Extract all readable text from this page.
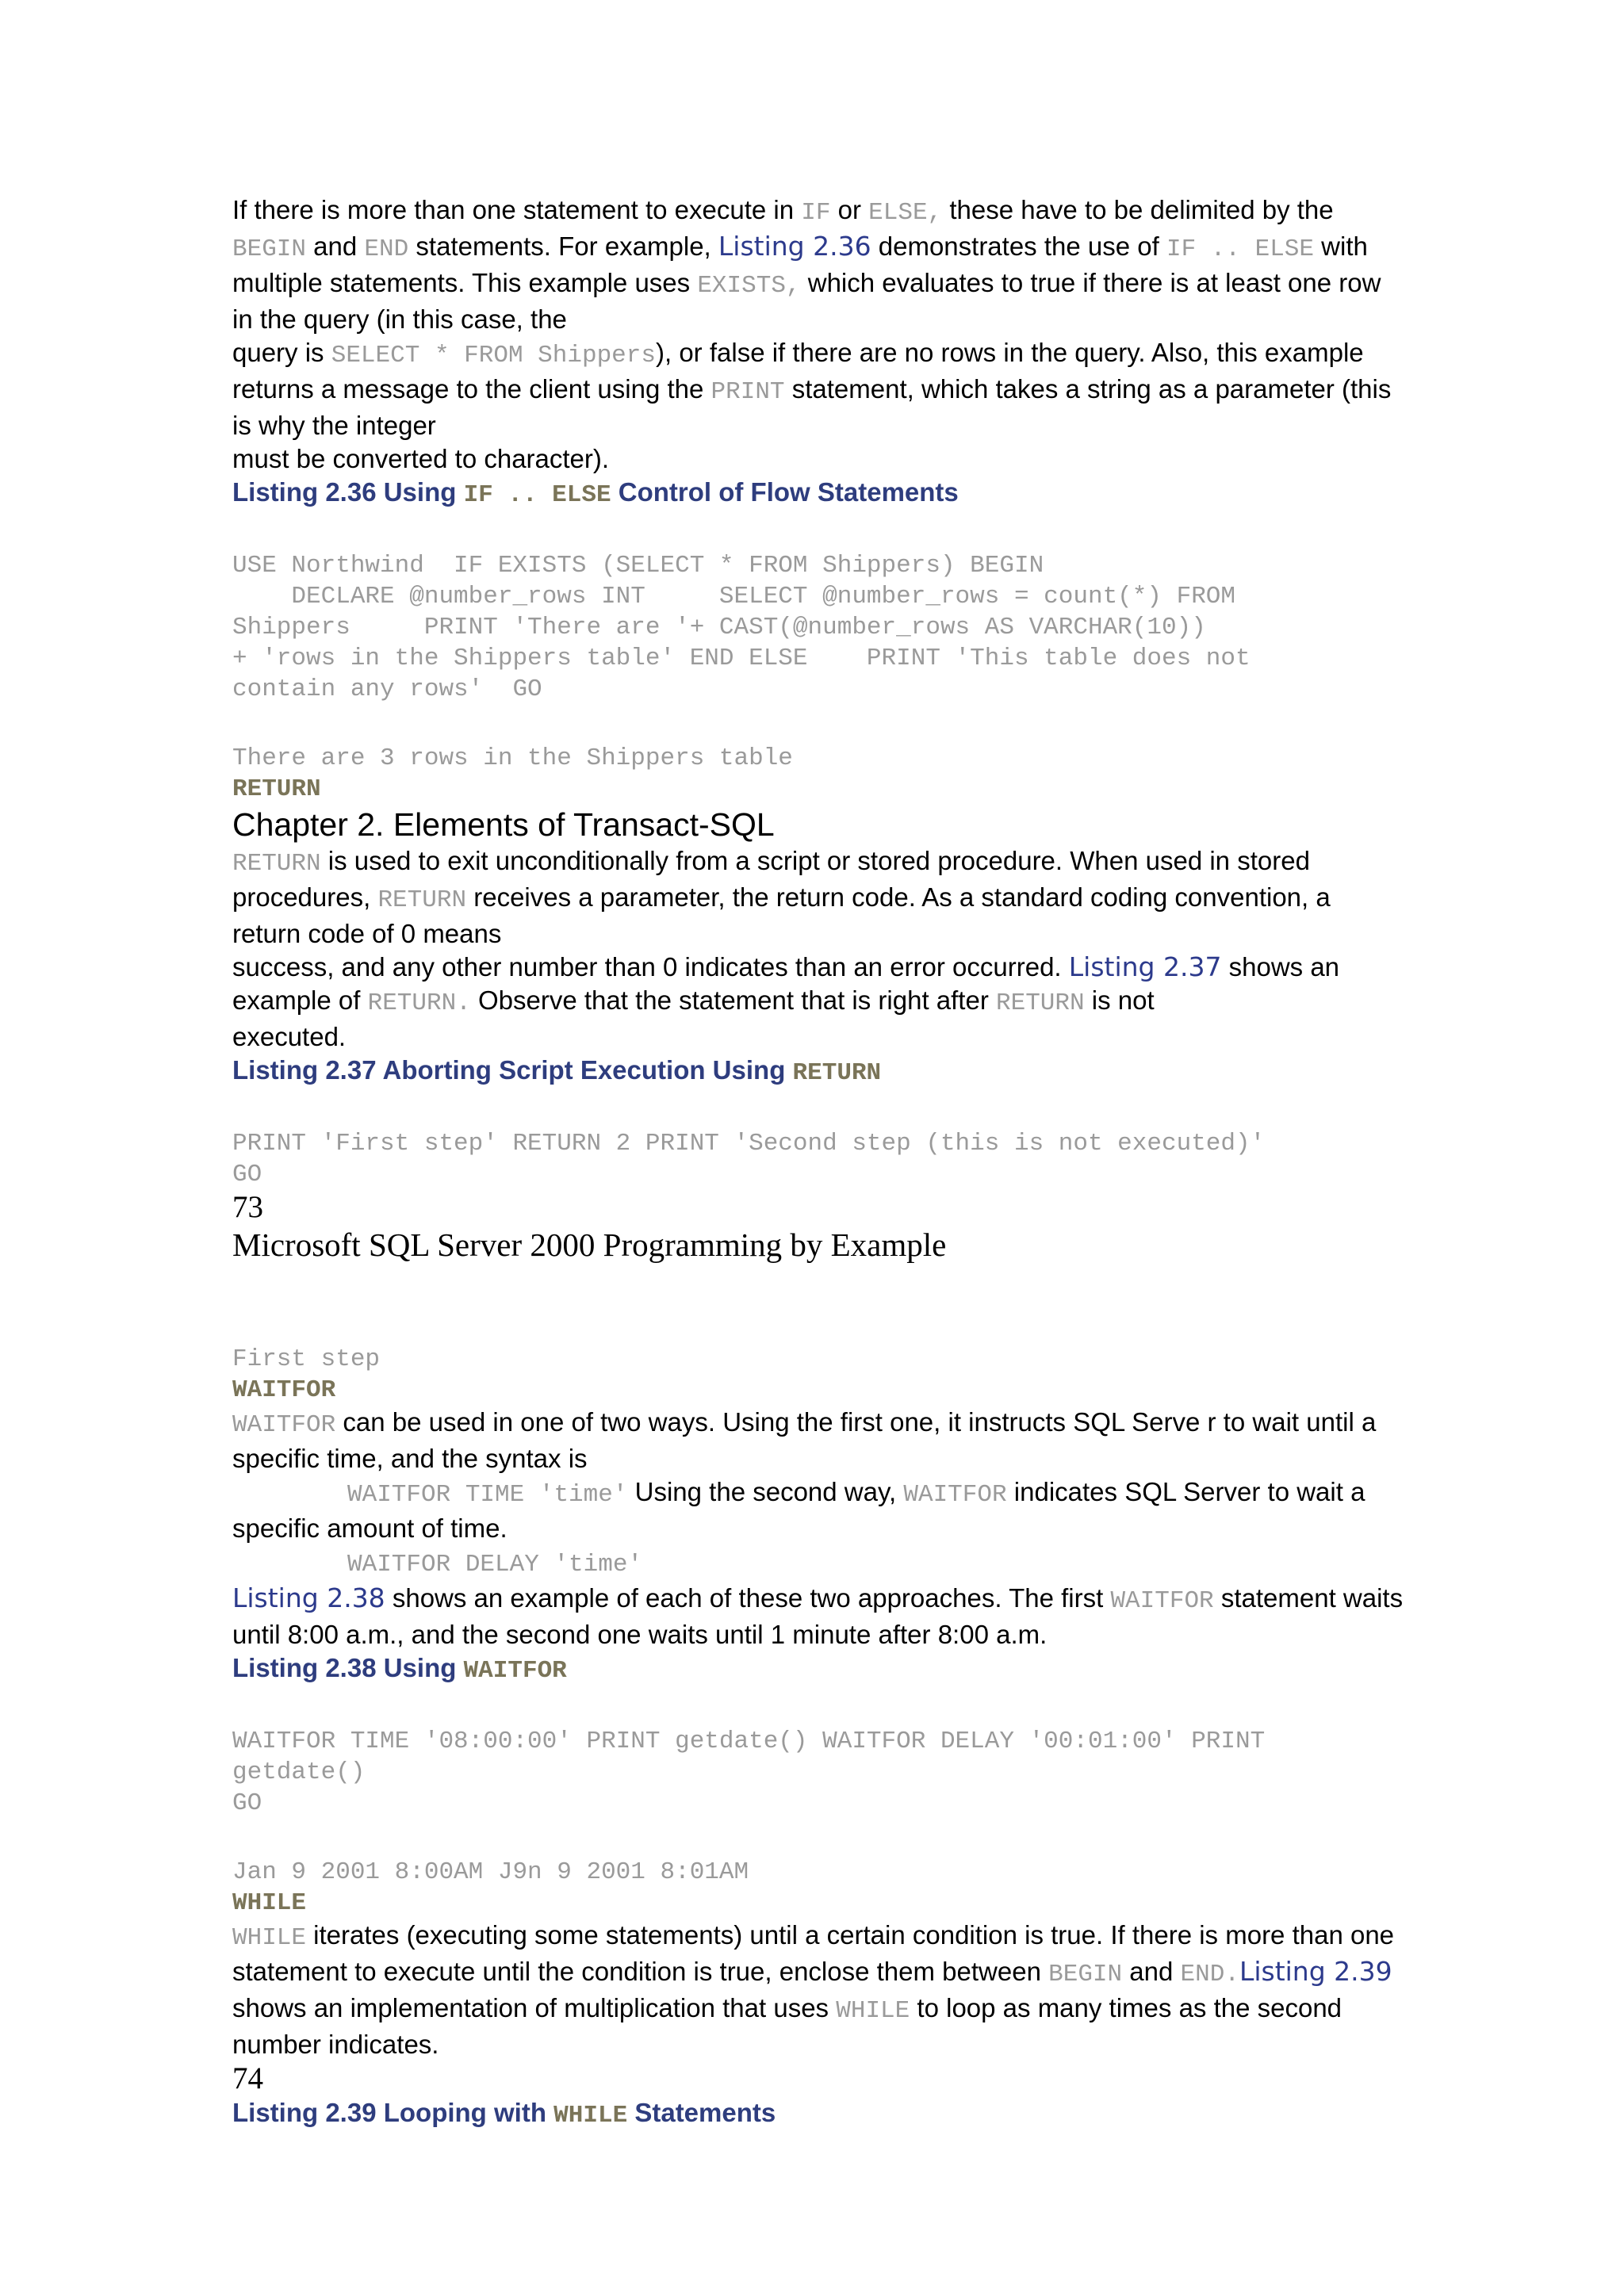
If there is more than one statement to execute in IF or ELSE, these have to be delimited by the BEGIN and END statements. For example, Listing 2.36 demonstrates the use of IF .. ELSE with multiple statements. This example uses EXISTS, which evaluates to true if there is at least one row in the query (in this case, the
query is SELECT * FROM Shippers), or false if there are no rows in the query. Also, this example returns a message to the client using the PRINT statement, which takes a string as a parameter (this is why the integer
must be converted to character).

Listing 2.36 Using IF .. ELSE Control of Flow Statements

USE Northwind  IF EXISTS (SELECT * FROM Shippers) BEGIN

DECLARE @number_rows INT     SELECT @number_rows = count(*) FROM

Shippers     PRINT 'There are '+ CAST(@number_rows AS VARCHAR(10))

+ 'rows in the Shippers table' END ELSE    PRINT 'This table does not

contain any rows'  GO

There are 3 rows in the Shippers table

RETURN

Chapter 2. Elements of Transact-SQL

RETURN is used to exit unconditionally from a script or stored procedure. When used in stored procedures, RETURN receives a parameter, the return code. As a standard coding convention, a return code of 0 means
success, and any other number than 0 indicates than an error occurred. Listing 2.37 shows an example of RETURN. Observe that the statement that is right after RETURN is not
executed.

Listing 2.37 Aborting Script Execution Using RETURN

PRINT 'First step' RETURN 2 PRINT 'Second step (this is not executed)'

GO

73

Microsoft SQL Server 2000 Programming by Example

First step

WAITFOR

WAITFOR can be used in one of two ways. Using the first one, it instructs SQL Serve r to wait until a specific time, and the syntax is
WAITFOR TIME 'time' Using the second way, WAITFOR indicates SQL Server to wait a specific amount of time.
WAITFOR DELAY 'time'
Listing 2.38 shows an example of each of these two approaches. The first WAITFOR statement waits until 8:00 a.m., and the second one waits until 1 minute after 8:00 a.m.

Listing 2.38 Using WAITFOR

WAITFOR TIME '08:00:00' PRINT getdate() WAITFOR DELAY '00:01:00' PRINT

getdate()

GO

Jan 9 2001 8:00AM J9n 9 2001 8:01AM

WHILE

WHILE iterates (executing some statements) until a certain condition is true. If there is more than one statement to execute until the condition is true, enclose them between BEGIN and END.Listing 2.39 shows an implementation of multiplication that uses WHILE to loop as many times as the second number indicates.

74

Listing 2.39 Looping with WHILE Statements
